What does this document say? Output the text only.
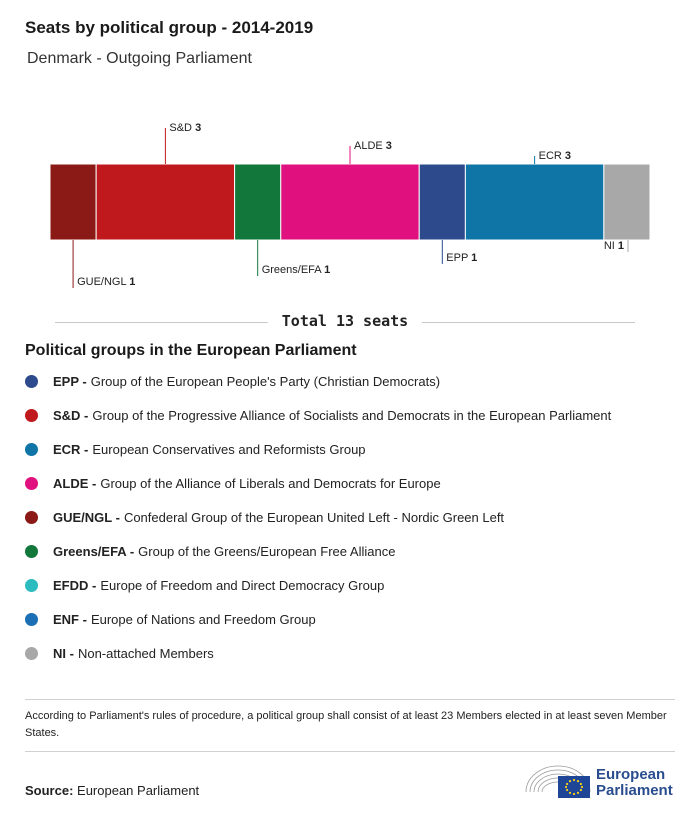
Seats by political group - 2014-2019
Denmark - Outgoing Parliament
GUE/NGL 1
S&D 3
Greens/EFA 1
ALDE 3
EPP 1
ECR 3
NI 1
Total 13 seats
Political groups in the European Parliament
EPP - Group of the European People's Party (Christian Democrats)
S&D - Group of the Progressive Alliance of Socialists and Democrats in the European Parliament
ECR - European Conservatives and Reformists Group
ALDE - Group of the Alliance of Liberals and Democrats for Europe
GUE/NGL - Confederal Group of the European United Left - Nordic Green Left
Greens/EFA - Group of the Greens/European Free Alliance
EFDD - Europe of Freedom and Direct Democracy Group
ENF - Europe of Nations and Freedom Group
NI - Non-attached Members
According to Parliament's rules of procedure, a political group shall consist of at least 23 Members elected in at least seven Member States.
Source: European Parliament
European
Parliament
